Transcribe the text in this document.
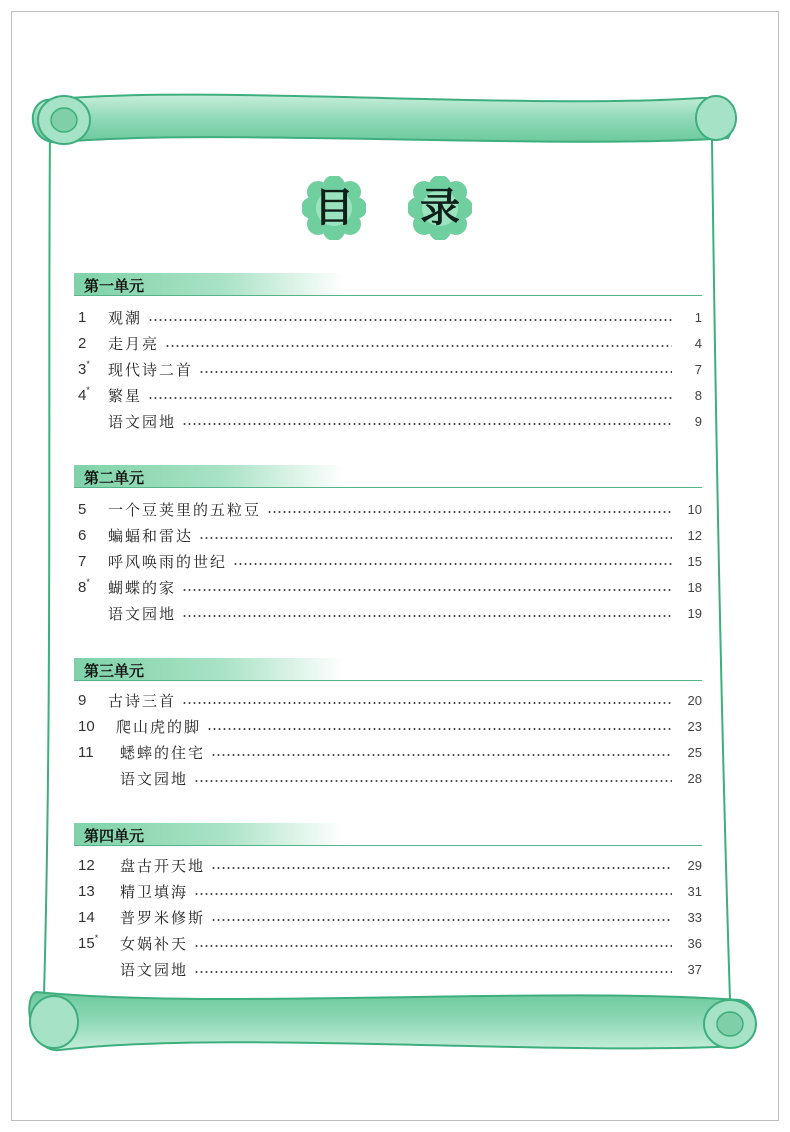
目 录
第一单元
1	观潮	1
2	走月亮	4
3*	现代诗二首	7
4*	繁星	8
语文园地	9
第二单元
5	一个豆荚里的五粒豆	10
6	蝙蝠和雷达	12
7	呼风唤雨的世纪	15
8*	蝴蝶的家	18
语文园地	19
第三单元
9	古诗三首	20
10	爬山虎的脚	23
11	蟋蟀的住宅	25
语文园地	28
第四单元
12	盘古开天地	29
13	精卫填海	31
14	普罗米修斯	33
15*	女娲补天	36
语文园地	37
